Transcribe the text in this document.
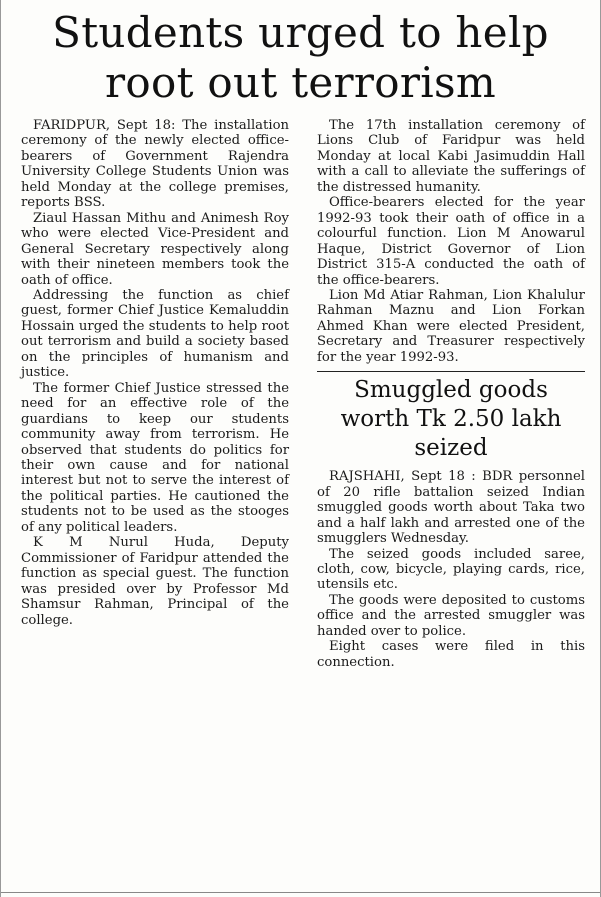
Students urged to help root out terrorism

FARIDPUR, Sept 18: The installation ceremony of the newly elected office-bearers of Government Rajendra University College Students Union was held Monday at the college premises, reports BSS.

Ziaul Hassan Mithu and Animesh Roy who were elected Vice-President and General Secretary respectively along with their nineteen members took the oath of office.

Addressing the function as chief guest, former Chief Justice Kemaluddin Hossain urged the students to help root out terrorism and build a society based on the principles of humanism and justice.

The former Chief Justice stressed the need for an effective role of the guardians to keep our students community away from terrorism. He observed that students do politics for their own cause and for national interest but not to serve the interest of the political parties. He cautioned the students not to be used as the stooges of any political leaders.

K M Nurul Huda, Deputy Commissioner of Faridpur attended the function as special guest. The function was presided over by Professor Md Shamsur Rahman, Principal of the college.

The 17th installation ceremony of Lions Club of Faridpur was held Monday at local Kabi Jasimuddin Hall with a call to alleviate the sufferings of the distressed humanity.

Office-bearers elected for the year 1992-93 took their oath of office in a colourful function. Lion M Anowarul Haque, District Governor of Lion District 315-A conducted the oath of the office-bearers.

Lion Md Atiar Rahman, Lion Khalulur Rahman Maznu and Lion Forkan Ahmed Khan were elected President, Secretary and Treasurer respectively for the year 1992-93.

Smuggled goods worth Tk 2.50 lakh seized

RAJSHAHI, Sept 18 : BDR personnel of 20 rifle battalion seized Indian smuggled goods worth about Taka two and a half lakh and arrested one of the smugglers Wednesday.

The seized goods included saree, cloth, cow, bicycle, playing cards, rice, utensils etc.

The goods were deposited to customs office and the arrested smuggler was handed over to police.

Eight cases were filed in this connection.
